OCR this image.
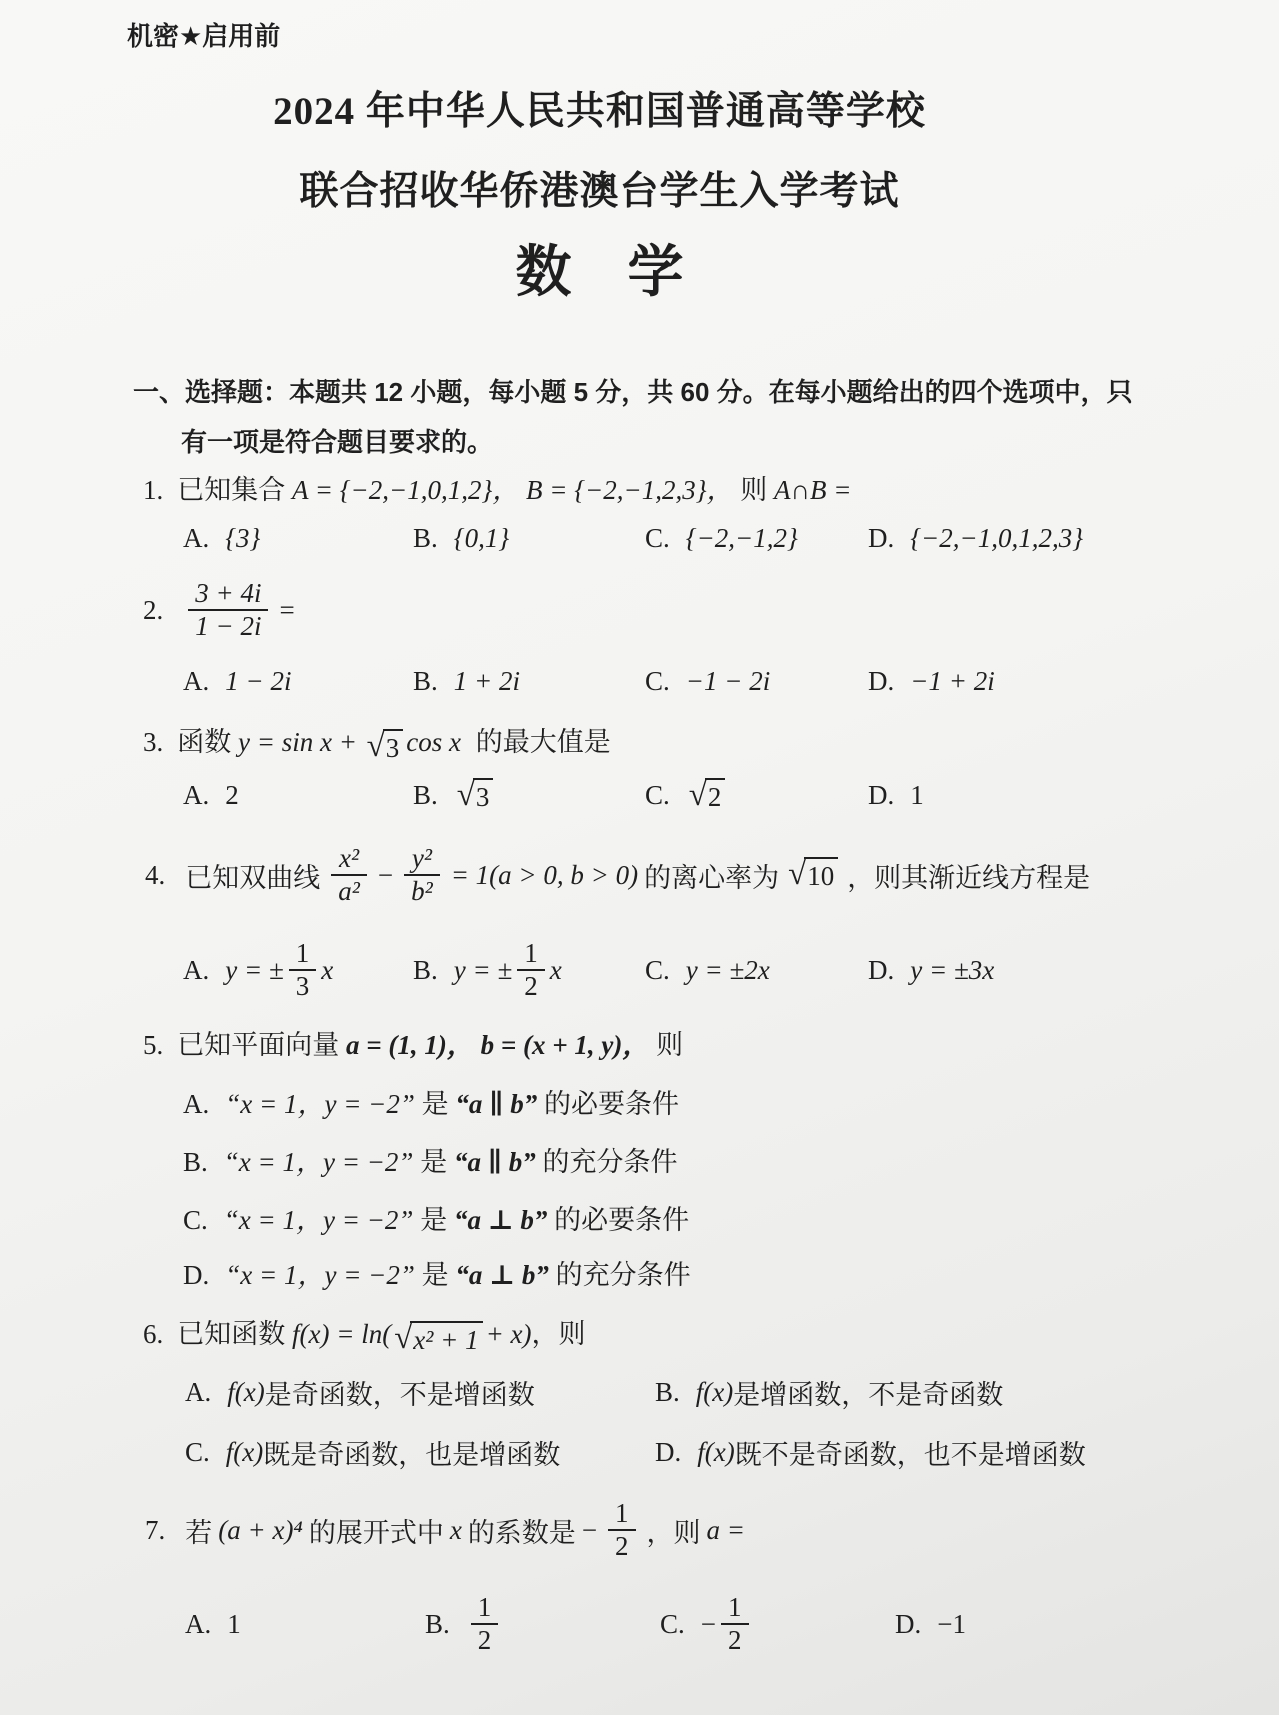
机密★启用前
2024 年中华人民共和国普通高等学校
联合招收华侨港澳台学生入学考试
数　学
一、选择题：本题共 12 小题，每小题 5 分，共 60 分。在每小题给出的四个选项中，只
有一项是符合题目要求的。
1. 已知集合 A = {−2,−1,0,1,2}， B = {−2,−1,2,3}， 则 A∩B =
A. {3}	B. {0,1}	C. {−2,−1,2}	D. {−2,−1,0,1,2,3}
2. $\frac{3 + 4i}{1 - 2i}$ =
A. 1 − 2i	B. 1 + 2i	C. −1 − 2i	D. −1 + 2i
3. 函数 y = sin x + √ 3 cos x 的最大值是
A. 2	B. √ 3	C. √ 2	D. 1
4. 已知双曲线 $\frac{\text{x²}}{\text{a²}} - \frac{\text{y²}}{\text{b²}} = 1(a > 0$, b > 0) 的离心率为 √ 10 ，则其渐近线方程是
A. y = ± $\frac{1}{3}$ x	B. y = ± $\frac{1}{2}$ x	C. y = ±2x	D. y = ±3x
5. 已知平面向量 a = (1, 1)， b = (x + 1, y)， 则
A. “x = 1，y = −2” 是 “a ∥ b” 的必要条件
B. “x = 1，y = −2” 是 “a ∥ b” 的充分条件
C. “x = 1，y = −2” 是 “a ⊥ b” 的必要条件
D. “x = 1，y = −2” 是 “a ⊥ b” 的充分条件
6. 已知函数 f(x) = ln( √ x² + 1 + x)，则
A. f(x) 是奇函数，不是增函数	B. f(x) 是增函数，不是奇函数
C. f(x) 既是奇函数，也是增函数	D. f(x) 既不是奇函数，也不是增函数
7. 若 (a + x)⁴ 的展开式中 x 的系数是 − $\frac{1}{2}$ ，则 a =
A. 1	B. $\frac{1}{2}$	C. − $\frac{1}{2}$	D. −1
